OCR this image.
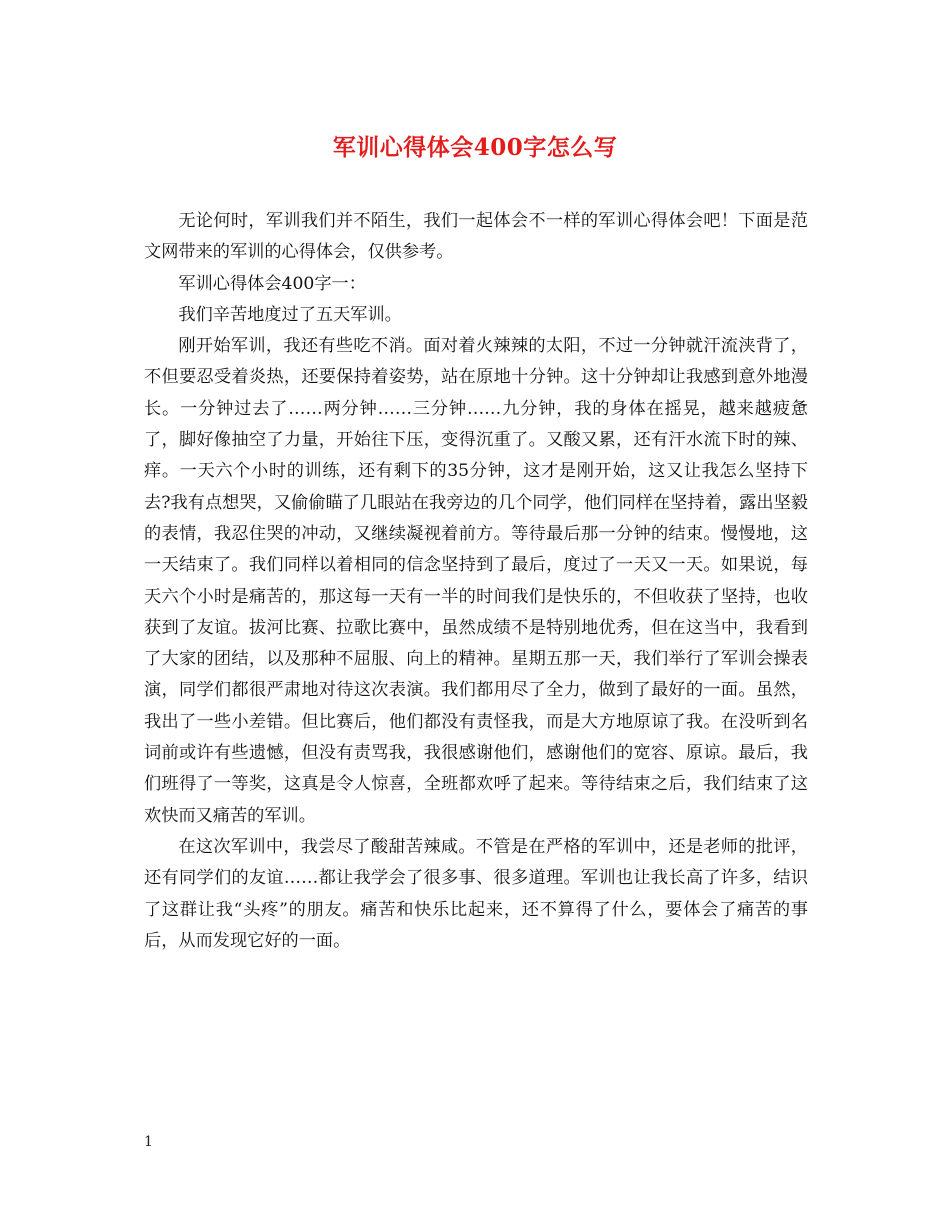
军训心得体会400字怎么写

无论何时，军训我们并不陌生，我们一起体会不一样的军训心得体会吧！下面是范文网带来的军训的心得体会，仅供参考。

军训心得体会400字一：

我们辛苦地度过了五天军训。

刚开始军训，我还有些吃不消。面对着火辣辣的太阳，不过一分钟就汗流浃背了，不但要忍受着炎热，还要保持着姿势，站在原地十分钟。这十分钟却让我感到意外地漫长。一分钟过去了……两分钟……三分钟……九分钟，我的身体在摇晃，越来越疲惫了，脚好像抽空了力量，开始往下压，变得沉重了。又酸又累，还有汗水流下时的辣、痒。一天六个小时的训练，还有剩下的35分钟，这才是刚开始，这又让我怎么坚持下去?我有点想哭，又偷偷瞄了几眼站在我旁边的几个同学，他们同样在坚持着，露出坚毅的表情，我忍住哭的冲动，又继续凝视着前方。等待最后那一分钟的结束。慢慢地，这一天结束了。我们同样以着相同的信念坚持到了最后，度过了一天又一天。如果说，每天六个小时是痛苦的，那这每一天有一半的时间我们是快乐的，不但收获了坚持，也收获到了友谊。拔河比赛、拉歌比赛中，虽然成绩不是特别地优秀，但在这当中，我看到了大家的团结，以及那种不屈服、向上的精神。星期五那一天，我们举行了军训会操表演，同学们都很严肃地对待这次表演。我们都用尽了全力，做到了最好的一面。虽然，我出了一些小差错。但比赛后，他们都没有责怪我，而是大方地原谅了我。在没听到名词前或许有些遗憾，但没有责骂我，我很感谢他们，感谢他们的宽容、原谅。最后，我们班得了一等奖，这真是令人惊喜，全班都欢呼了起来。等待结束之后，我们结束了这欢快而又痛苦的军训。

在这次军训中，我尝尽了酸甜苦辣咸。不管是在严格的军训中，还是老师的批评，还有同学们的友谊……都让我学会了很多事、很多道理。军训也让我长高了许多，结识了这群让我“头疼”的朋友。痛苦和快乐比起来，还不算得了什么，要体会了痛苦的事后，从而发现它好的一面。

1
